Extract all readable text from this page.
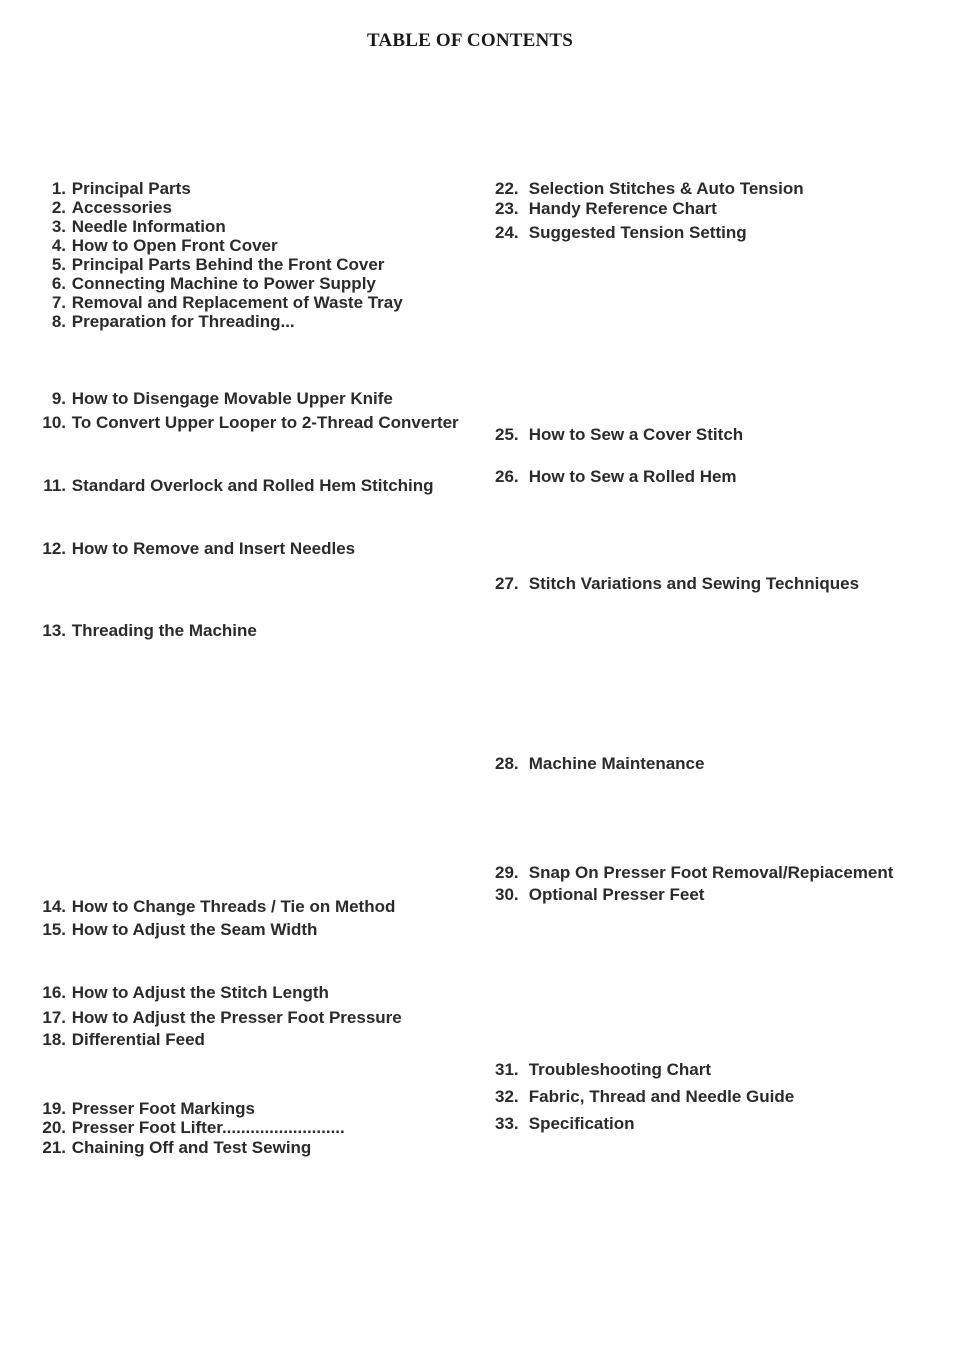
TABLE OF CONTENTS
1. Principal Parts
2. Accessories
3. Needle Information
4. How to Open Front Cover
5. Principal Parts Behind the Front Cover
6. Connecting Machine to Power Supply
7. Removal and Replacement of Waste Tray
8. Preparation for Threading...
9. How to Disengage Movable Upper Knife
10. To Convert Upper Looper to 2-Thread Converter
11. Standard Overlock and Rolled Hem Stitching
12. How to Remove and Insert Needles
13. Threading the Machine
14. How to Change Threads / Tie on Method
15. How to Adjust the Seam Width
16. How to Adjust the Stitch Length
17. How to Adjust the Presser Foot Pressure
18. Differential Feed
19. Presser Foot Markings
20. Presser Foot Lifter..........................
21. Chaining Off and Test Sewing
22. Selection Stitches & Auto Tension
23. Handy Reference Chart
24. Suggested Tension Setting
25. How to Sew a Cover Stitch
26. How to Sew a Rolled Hem
27. Stitch Variations and Sewing Techniques
28. Machine Maintenance
29. Snap On Presser Foot Removal/Repiacement
30. Optional Presser Feet
31. Troubleshooting Chart
32. Fabric, Thread and Needle Guide
33. Specification
